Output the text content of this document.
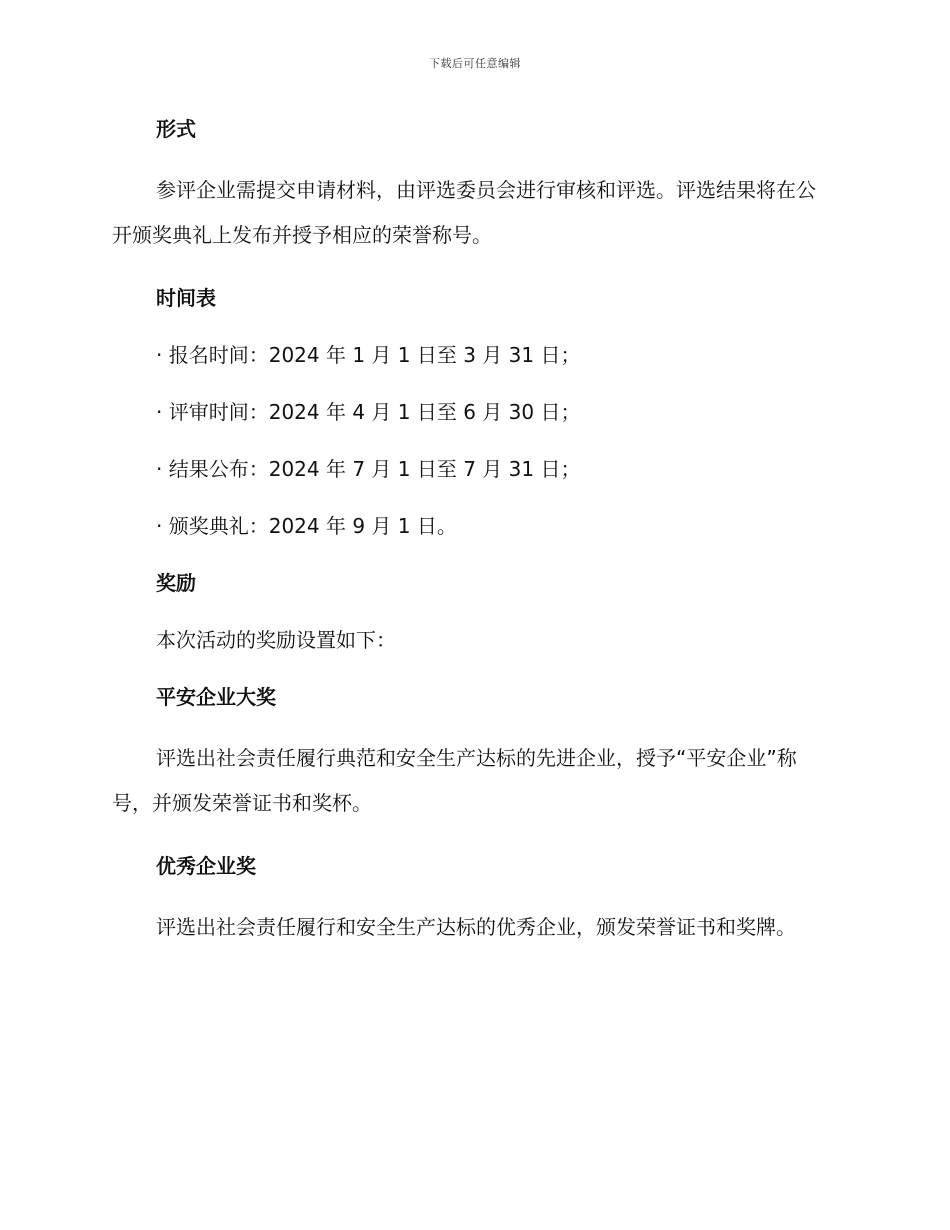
下载后可任意编辑
形式

参评企业需提交申请材料，由评选委员会进行审核和评选。评选结果将在公开颁奖典礼上发布并授予相应的荣誉称号。

时间表

· 报名时间：2024 年 1 月 1 日至 3 月 31 日；

· 评审时间：2024 年 4 月 1 日至 6 月 30 日；

· 结果公布：2024 年 7 月 1 日至 7 月 31 日；

· 颁奖典礼：2024 年 9 月 1 日。

奖励

本次活动的奖励设置如下：

平安企业大奖

评选出社会责任履行典范和安全生产达标的先进企业，授予“平安企业”称号，并颁发荣誉证书和奖杯。

优秀企业奖

评选出社会责任履行和安全生产达标的优秀企业，颁发荣誉证书和奖牌。
